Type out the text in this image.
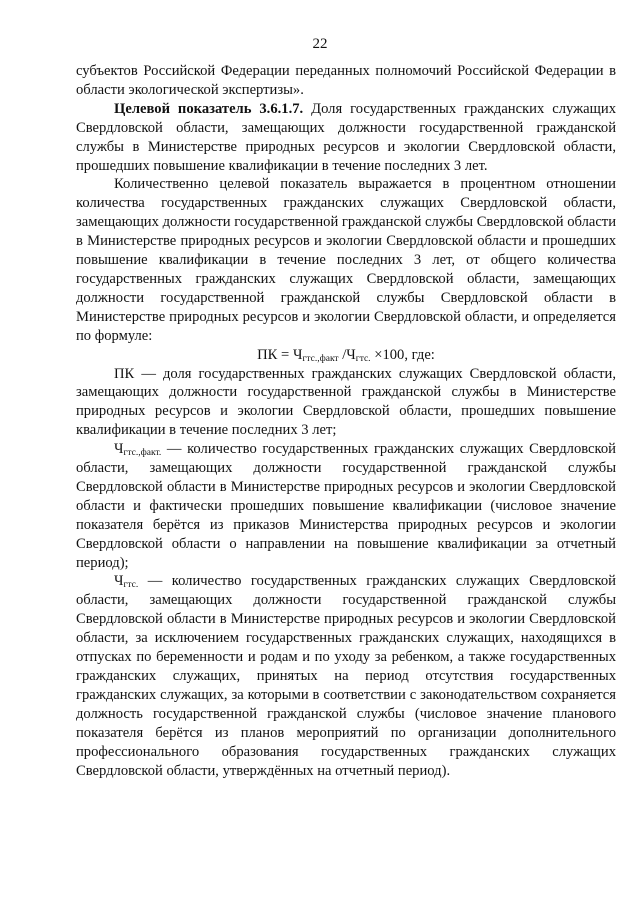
22

субъектов Российской Федерации переданных полномочий Российской Федерации в области экологической экспертизы».

Целевой показатель 3.6.1.7. Доля государственных гражданских служащих Свердловской области, замещающих должности государственной гражданской службы в Министерстве природных ресурсов и экологии Свердловской области, прошедших повышение квалификации в течение последних 3 лет.

Количественно целевой показатель выражается в процентном отношении количества государственных гражданских служащих Свердловской области, замещающих должности государственной гражданской службы Свердловской области в Министерстве природных ресурсов и экологии Свердловской области и прошедших повышение квалификации в течение последних 3 лет, от общего количества государственных гражданских служащих Свердловской области, замещающих должности государственной гражданской службы Свердловской области в Министерстве природных ресурсов и экологии Свердловской области, и определяется по формуле:

ПК = $Ч_{гтс.,факт}$ $/Ч_{гтс.} \times 100$, где:

ПК — доля государственных гражданских служащих Свердловской области, замещающих должности государственной гражданской службы в Министерстве природных ресурсов и экологии Свердловской области, прошедших повышение квалификации в течение последних 3 лет;

$Ч_{гтс.,факт.}$ — количество государственных гражданских служащих Свердловской области, замещающих должности государственной гражданской службы Свердловской области в Министерстве природных ресурсов и экологии Свердловской области и фактически прошедших повышение квалификации (числовое значение показателя берётся из приказов Министерства природных ресурсов и экологии Свердловской области о направлении на повышение квалификации за отчетный период);

$Ч_{гтс.}$ — количество государственных гражданских служащих Свердловской области, замещающих должности государственной гражданской службы Свердловской области в Министерстве природных ресурсов и экологии Свердловской области, за исключением государственных гражданских служащих, находящихся в отпусках по беременности и родам и по уходу за ребенком, а также государственных гражданских служащих, принятых на период отсутствия государственных гражданских служащих, за которыми в соответствии с законодательством сохраняется должность государственной гражданской службы (числовое значение планового показателя берётся из планов мероприятий по организации дополнительного профессионального образования государственных гражданских служащих Свердловской области, утверждённых на отчетный период).
